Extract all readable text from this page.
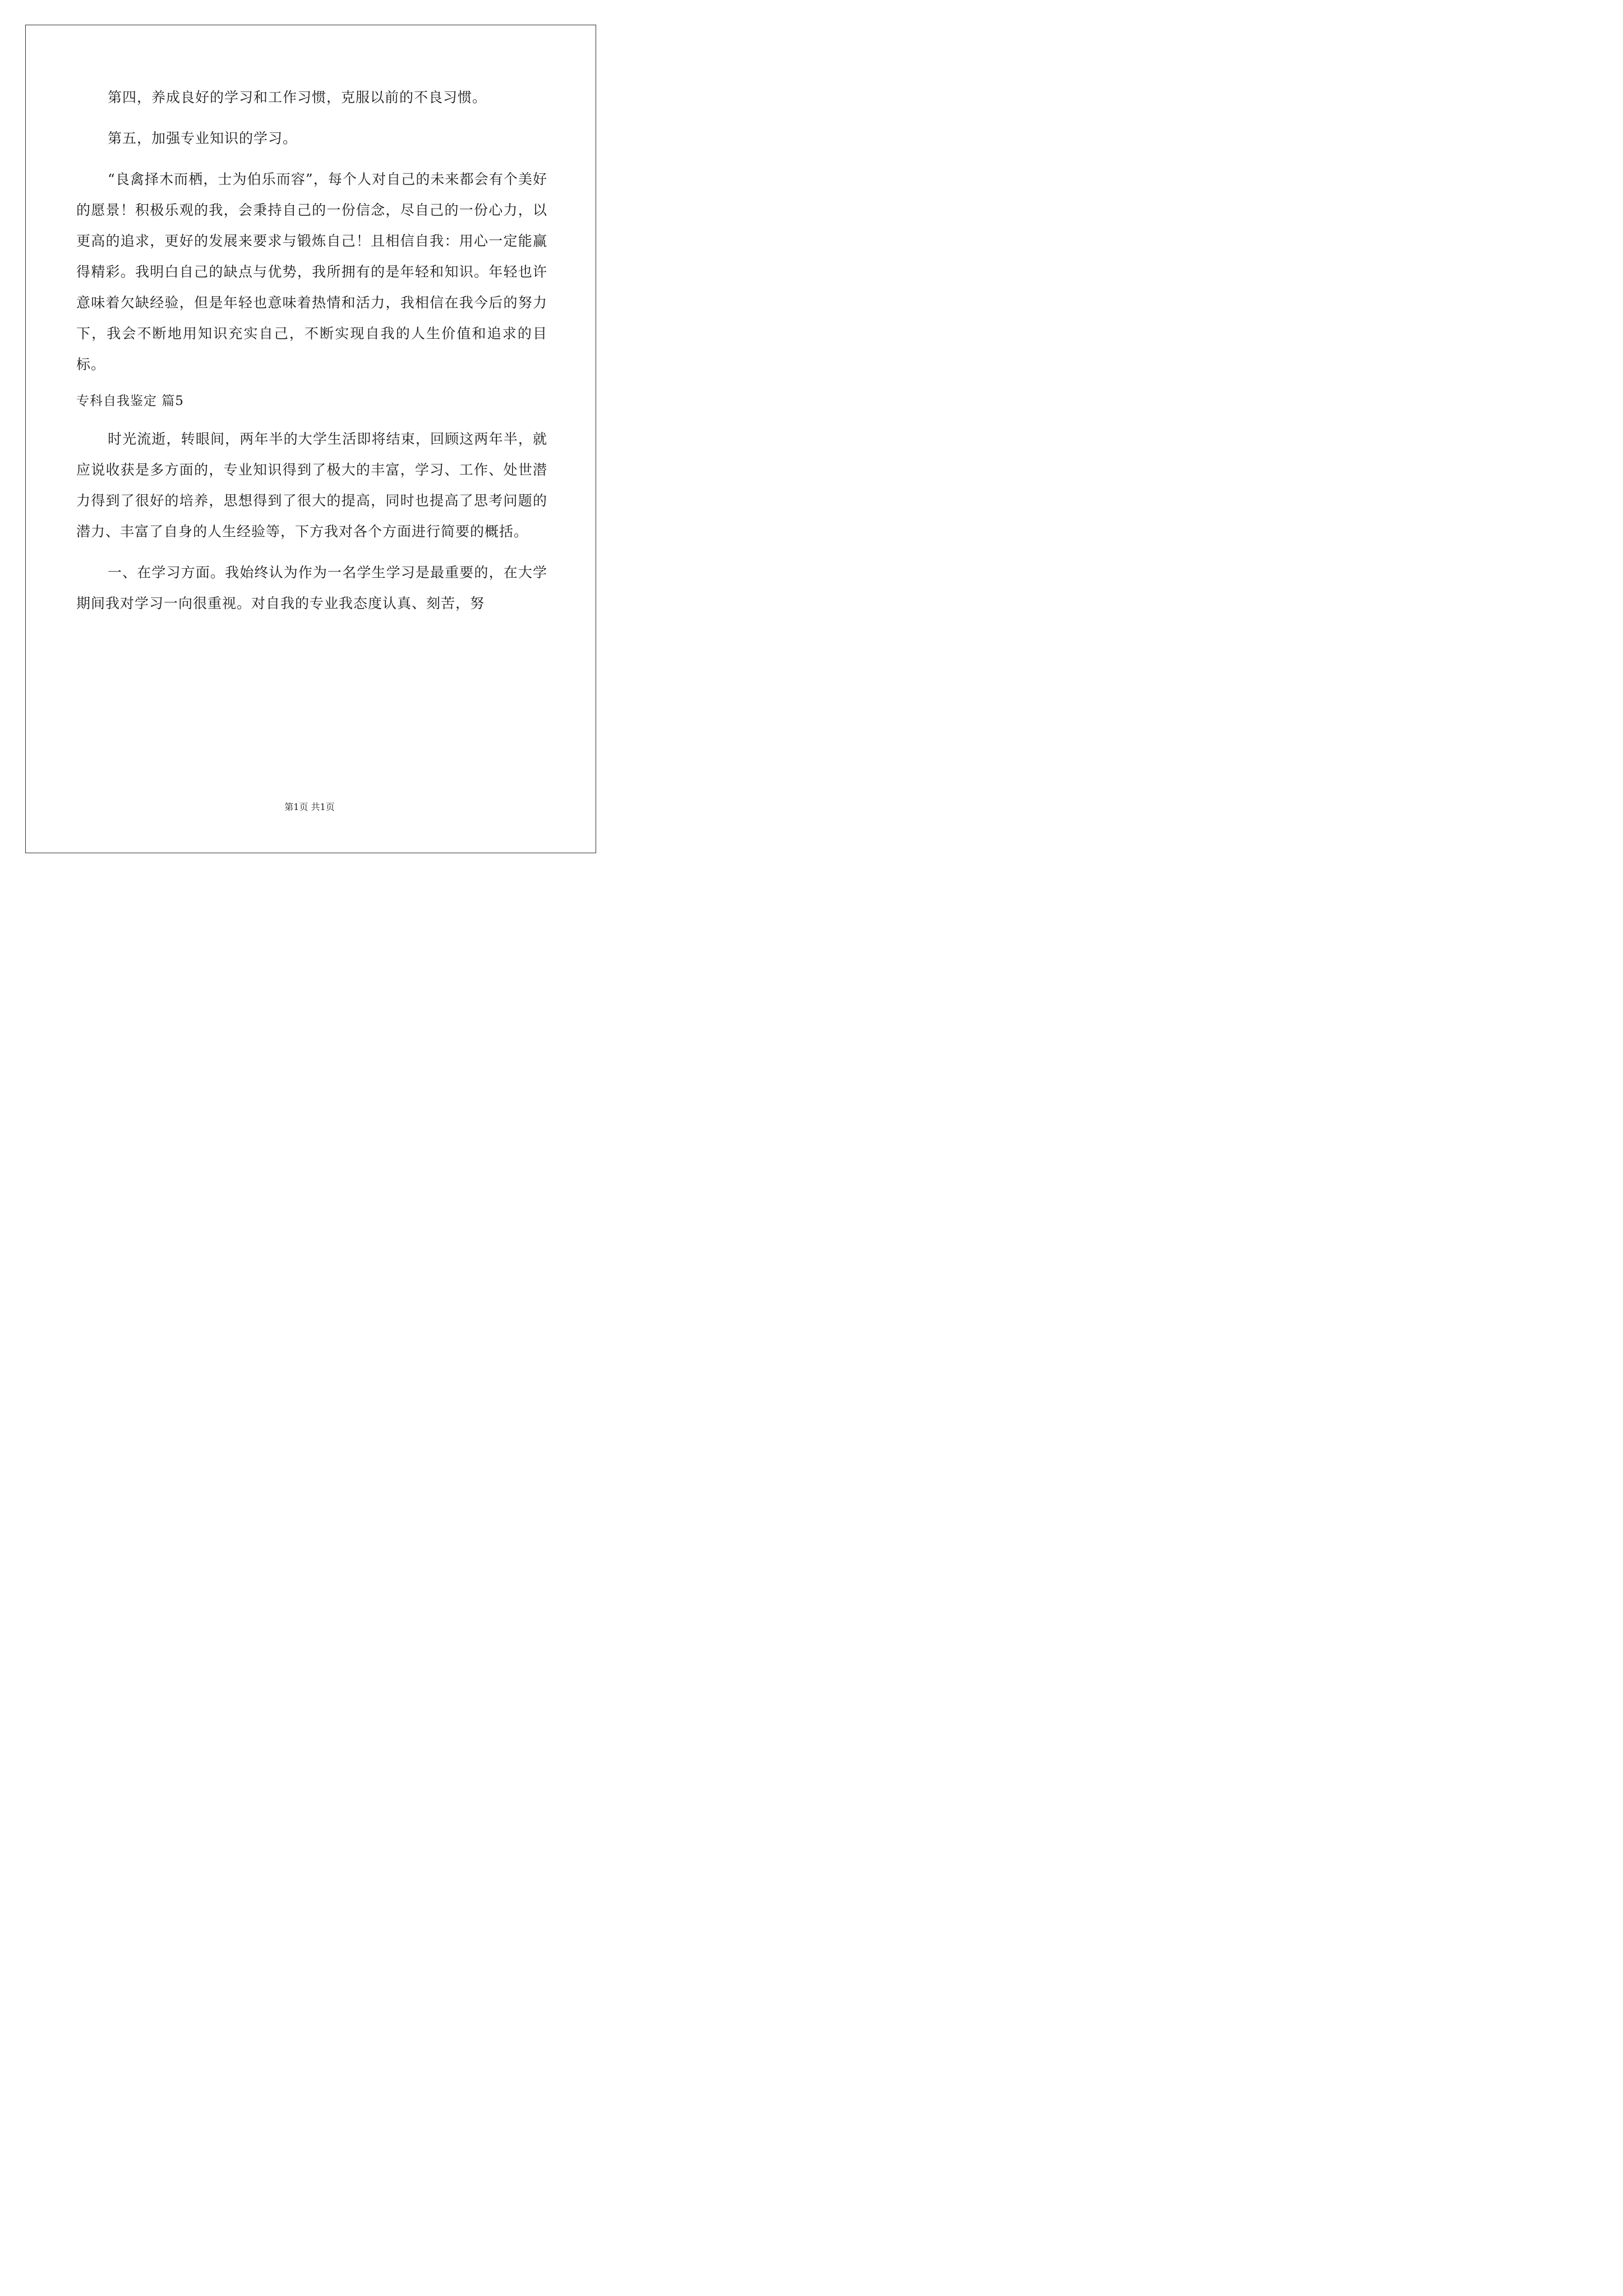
第四，养成良好的学习和工作习惯，克服以前的不良习惯。

第五，加强专业知识的学习。

“良禽择木而栖，士为伯乐而容”，每个人对自己的未来都会有个美好的愿景！积极乐观的我，会秉持自己的一份信念，尽自己的一份心力，以更高的追求，更好的发展来要求与锻炼自己！且相信自我：用心一定能赢得精彩。我明白自己的缺点与优势，我所拥有的是年轻和知识。年轻也许意味着欠缺经验，但是年轻也意味着热情和活力，我相信在我今后的努力下，我会不断地用知识充实自己，不断实现自我的人生价值和追求的目标。

专科自我鉴定 篇5

时光流逝，转眼间，两年半的大学生活即将结束，回顾这两年半，就应说收获是多方面的，专业知识得到了极大的丰富，学习、工作、处世潜力得到了很好的培养，思想得到了很大的提高，同时也提高了思考问题的潜力、丰富了自身的人生经验等，下方我对各个方面进行简要的概括。

一、在学习方面。我始终认为作为一名学生学习是最重要的，在大学期间我对学习一向很重视。对自我的专业我态度认真、刻苦，努

第1页 共1页
